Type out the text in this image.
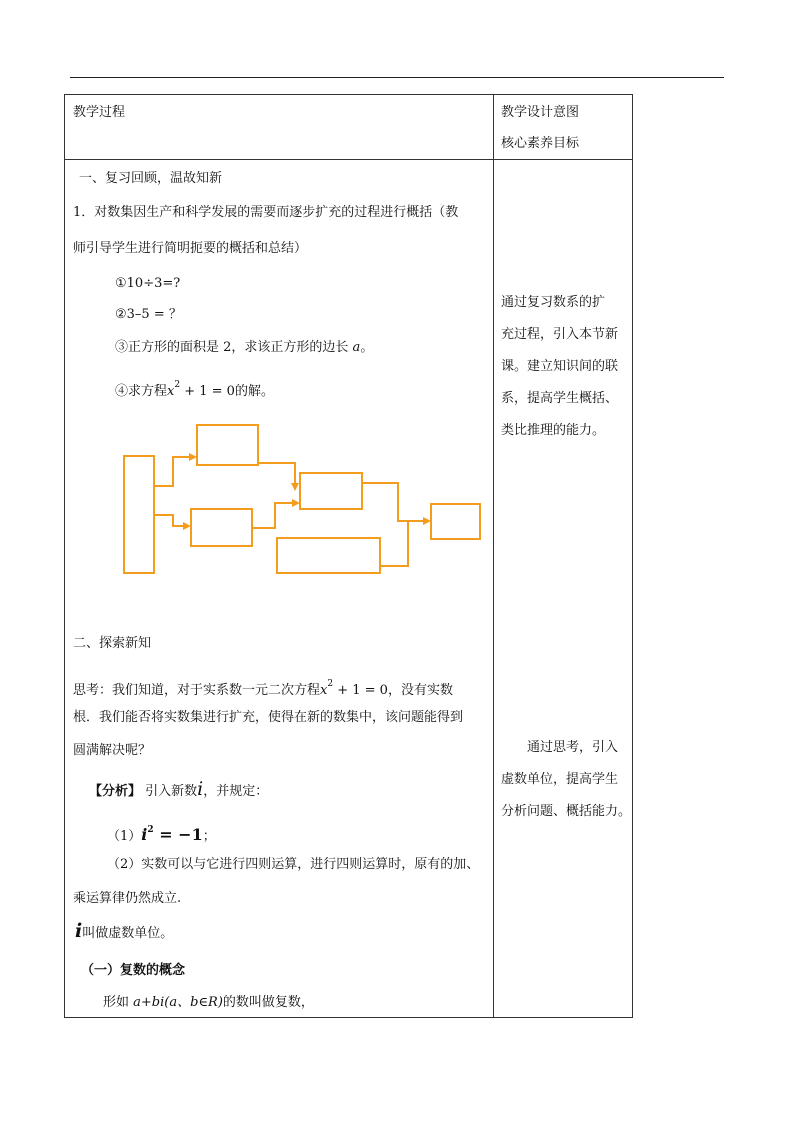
教学过程	教学设计意图
核心素养目标
一、复习回顾，温故知新
1．对数集因生产和科学发展的需要而逐步扩充的过程进行概括（教
师引导学生进行简明扼要的概括和总结）
①10÷3=?
②3–5 = ？
③正方形的面积是 2，求该正方形的边长 a。
④求方程$x^2 + 1 = 0$的解。
二、探索新知
思考：我们知道，对于实系数一元二次方程$x^2 + 1 = 0$，没有实数
根．我们能否将实数集进行扩充，使得在新的数集中，该问题能得到
圆满解决呢？
【分析】 引入新数i，并规定：
$(1)i^2 = -1$；
（2）实数可以与它进行四则运算，进行四则运算时，原有的加、
乘运算律仍然成立.
i叫做虚数单位。
（一）复数的概念
形如 a+bi(a、b∈R)的数叫做复数，
通过复习数系的扩
充过程，引入本节新
课。建立知识间的联
系，提高学生概括、
类比推理的能力。
通过思考，引入
虚数单位，提高学生
分析问题、概括能力。
